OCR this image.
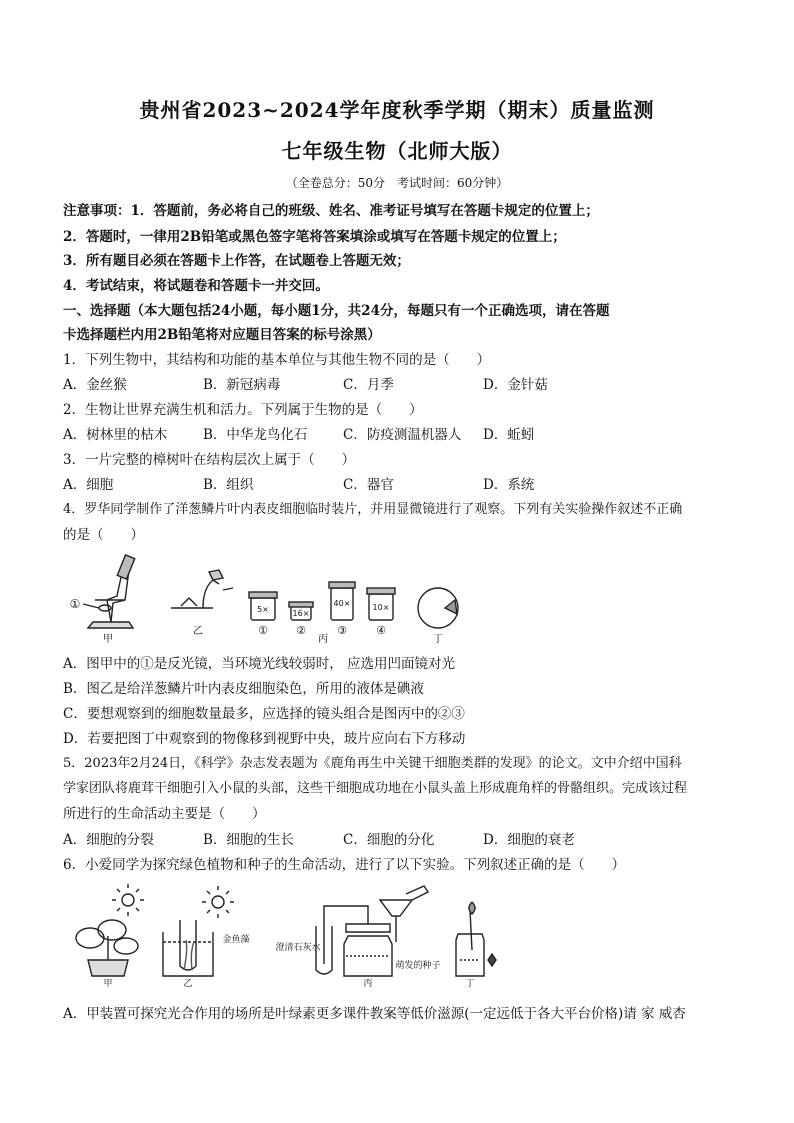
贵州省2023~2024学年度秋季学期（期末）质量监测
七年级生物（北师大版）
（全卷总分：50分　考试时间：60分钟）
注意事项：1．答题前，务必将自己的班级、姓名、准考证号填写在答题卡规定的位置上；
2．答题时，一律用2B铅笔或黑色签字笔将答案填涂或填写在答题卡规定的位置上；
3．所有题目必须在答题卡上作答，在试题卷上答题无效；
4．考试结束，将试题卷和答题卡一并交回。
一、选择题（本大题包括24小题，每小题1分，共24分，每题只有一个正确选项，请在答题
卡选择题栏内用2B铅笔将对应题目答案的标号涂黑）
1．下列生物中，其结构和功能的基本单位与其他生物不同的是（　　）
A．金丝猴	B．新冠病毒	C．月季	D．金针菇
2．生物让世界充满生机和活力。下列属于生物的是（　　）
A．树林里的枯木	B．中华龙鸟化石	C．防疫测温机器人 D．蚯蚓
3．一片完整的樟树叶在结构层次上属于（　　）
A．细胞	B．组织	C．器官	D．系统
4．罗华同学制作了洋葱鳞片叶内表皮细胞临时装片，并用显微镜进行了观察。下列有关实验操作叙述不正确
的是（　　）
①
甲
乙
丙	丁
5×	16×
40×	10×
①	②	③	④
A．图甲中的①是反光镜，当环境光线较弱时， 应选用凹面镜对光
B．图乙是给洋葱鳞片叶内表皮细胞染色，所用的液体是碘液
C．要想观察到的细胞数量最多，应选择的镜头组合是图丙中的②③
D．若要把图丁中观察到的物像移到视野中央，玻片应向右下方移动
5．2023年2月24日，《科学》杂志发表题为《鹿角再生中关键干细胞类群的发现》的论文。文中介绍中国科
学家团队将鹿茸干细胞引入小鼠的头部，这些干细胞成功地在小鼠头盖上形成鹿角样的骨骼组织。完成该过程
所进行的生命活动主要是（　　）
A．细胞的分裂	B．细胞的生长	C．细胞的分化	D．细胞的衰老
6．小爱同学为探究绿色植物和种子的生命活动，进行了以下实验。下列叙述正确的是（　　）
甲	乙	丙	丁
金鱼藻
澄清石灰水
萌发的种子
A．甲装置可探究光合作用的场所是叶绿素更多课件教案等低价滋源(一定远低于各大平台价格)请 家 威杏
